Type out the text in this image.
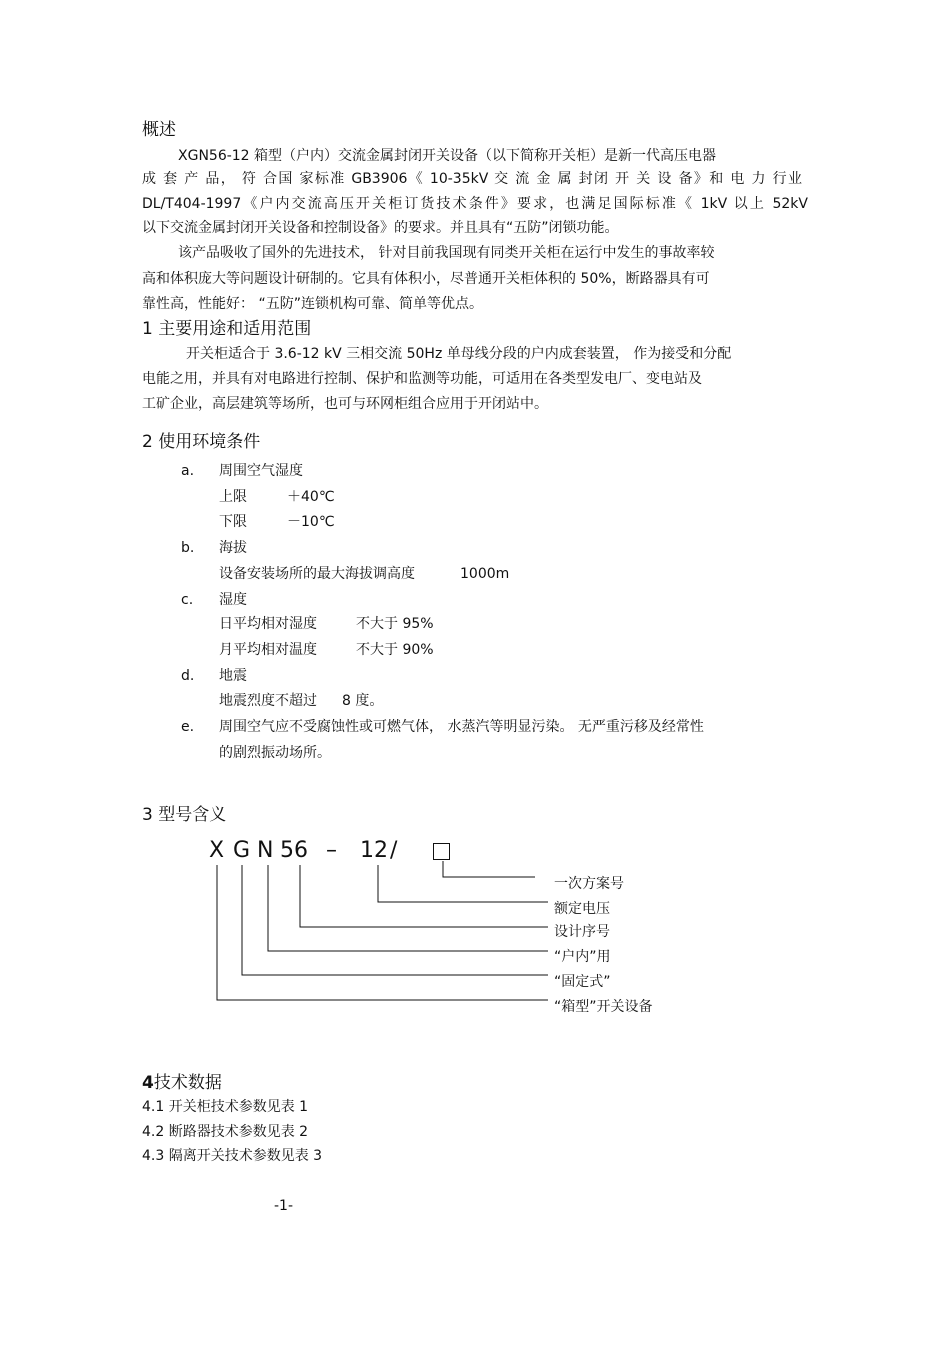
概述
XGN56-12 箱型（户内）交流金属封闭开关设备（以下简称开关柜）是新一代高压电器
成 套 产 品， 符 合国 家标准 GB3906《 10-35kV 交 流 金 属 封闭 开 关 设 备》和 电 力 行业
DL/T404-1997《户内交流高压开关柜订货技术条件》要求，也满足国际标准《 1kV 以上 52kV
以下交流金属封闭开关设备和控制设备》的要求。并且具有“五防”闭锁功能。
该产品吸收了国外的先进技术， 针对目前我国现有同类开关柜在运行中发生的事故率较
高和体积庞大等问题设计研制的。它具有体积小，尽普通开关柜体积的 50%，断路器具有可
靠性高，性能好： “五防”连锁机构可靠、简单等优点。
1 主要用途和适用范围
开关柜适合于 3.6-12 kV 三相交流 50Hz 单母线分段的户内成套装置， 作为接受和分配
电能之用，并具有对电路进行控制、保护和监测等功能，可适用在各类型发电厂、变电站及
工矿企业，高层建筑等场所，也可与环网柜组合应用于开闭站中。
2 使用环境条件
a. 周围空气湿度
上限	＋40℃
下限	－10℃
b. 海拔
设备安装场所的最大海拔调高度	1000m
c. 湿度
日平均相对湿度	不大于 95%
月平均相对温度	不大于 90%
d. 地震
地震烈度不超过 8 度。
e. 周围空气应不受腐蚀性或可燃气体， 水蒸汽等明显污染。 无严重污移及经常性
的剧烈振动场所。
3 型号含义
X G N 56 – 12 /
一次方案号
额定电压
设计序号
“户内”用
“固定式”
“箱型”开关设备
4技术数据
4.1 开关柜技术参数见表 1
4.2 断路器技术参数见表 2
4.3 隔离开关技术参数见表 3
-1-
